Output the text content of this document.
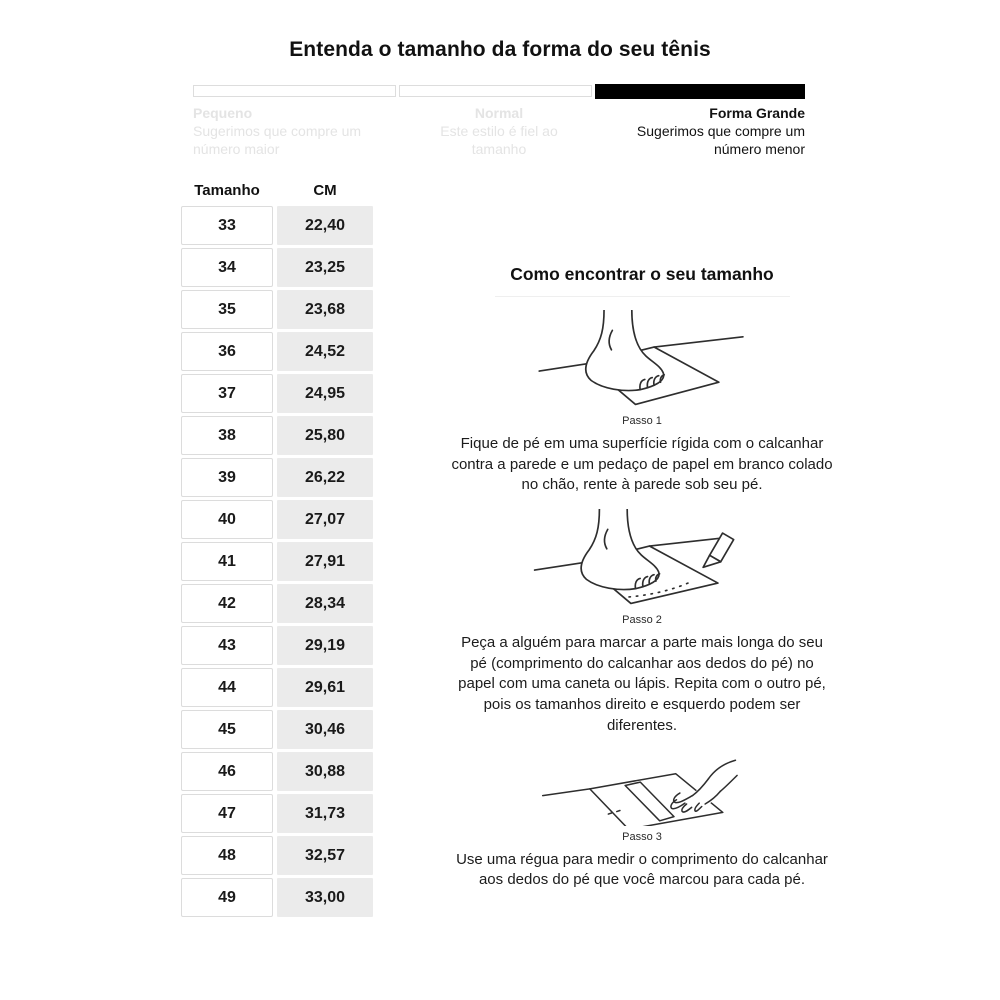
Entenda o tamanho da forma do seu tênis
Pequeno
Sugerimos que compre um número maior
Normal
Este estilo é fiel ao tamanho
Forma Grande
Sugerimos que compre um número menor
Tamanho	CM
33	22,40
34	23,25
35	23,68
36	24,52
37	24,95
38	25,80
39	26,22
40	27,07
41	27,91
42	28,34
43	29,19
44	29,61
45	30,46
46	30,88
47	31,73
48	32,57
49	33,00
Como encontrar o seu tamanho
Passo 1

Fique de pé em uma superfície rígida com o calcanhar contra a parede e um pedaço de papel em branco colado no chão, rente à parede sob seu pé.

Passo 2

Peça a alguém para marcar a parte mais longa do seu pé (comprimento do calcanhar aos dedos do pé) no papel com uma caneta ou lápis. Repita com o outro pé, pois os tamanhos direito e esquerdo podem ser diferentes.

Passo 3

Use uma régua para medir o comprimento do calcanhar aos dedos do pé que você marcou para cada pé.
